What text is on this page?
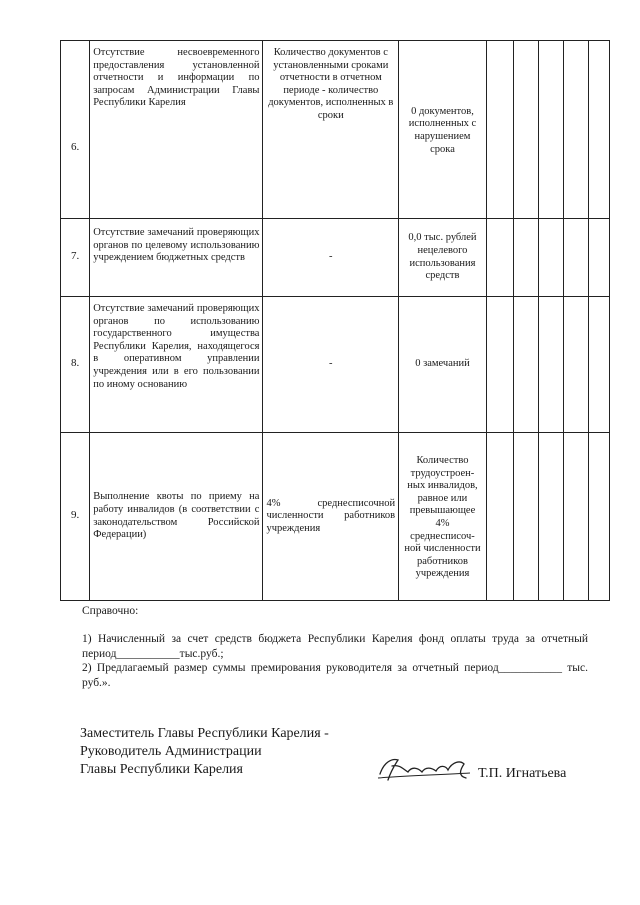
6.	Отсутствие несвоевременного предоставления установленной отчетности и информации по запросам Администрации Главы Республики Карелия	Количество документов с установленными сроками отчетности в отчетном периоде - количество документов, исполненных в сроки	0 документов, исполненных с нарушением срока					
7.	Отсутствие замечаний проверяющих органов по целевому использованию учреждением бюджетных средств	-	0,0 тыс. рублей нецелевого использования средств					
8.	Отсутствие замечаний проверяющих органов по использованию государственного имущества Республики Карелия, находящегося в оперативном управлении учреждения или в его пользовании по иному основанию	-	0 замечаний					
9.	Выполнение квоты по приему на работу инвалидов (в соответствии с законодательством Российской Федерации)	4% среднесписочной численности работников учреждения	Количество трудоустроен-ных инвалидов, равное или превышающее 4% среднесписоч-ной численности работников учреждения					

Справочно:

1) Начисленный за счет средств бюджета Республики Карелия фонд оплаты труда за отчетный период___________тыс.руб.;

2) Предлагаемый размер суммы премирования руководителя за отчетный период___________ тыс. руб.».

Заместитель Главы Республики Карелия -
Руководитель Администрации
Главы Республики Карелия	Т.П. Игнатьева
